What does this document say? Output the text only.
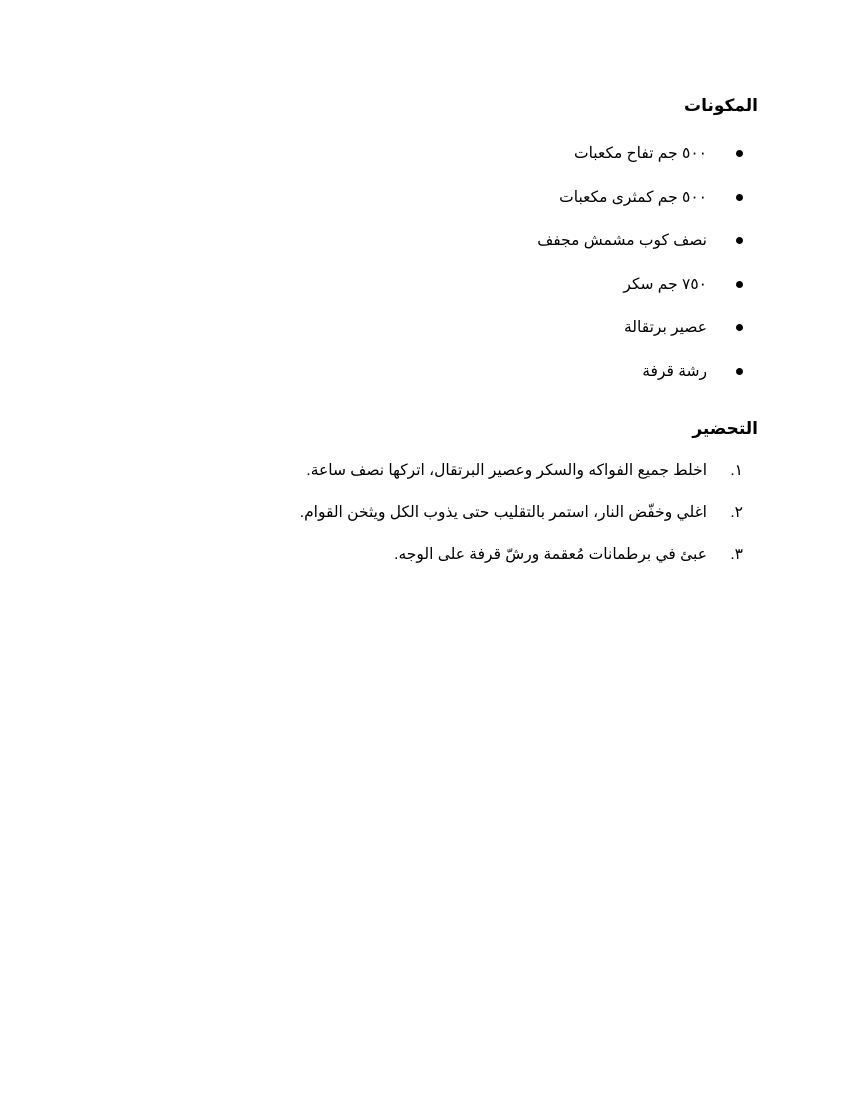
المكونات
٥٠٠ جم تفاح مكعبات
٥٠٠ جم كمثرى مكعبات
نصف كوب مشمش مجفف
٧٥٠ جم سكر
عصير برتقالة
رشة قرفة
التحضير
١.اخلط جميع الفواكه والسكر وعصير البرتقال، اتركها نصف ساعة.
٢.اغلي وخفّض النار، استمر بالتقليب حتى يذوب الكل ويثخن القوام.
٣.عبئ في برطمانات مُعقمة ورشّ قرفة على الوجه.
